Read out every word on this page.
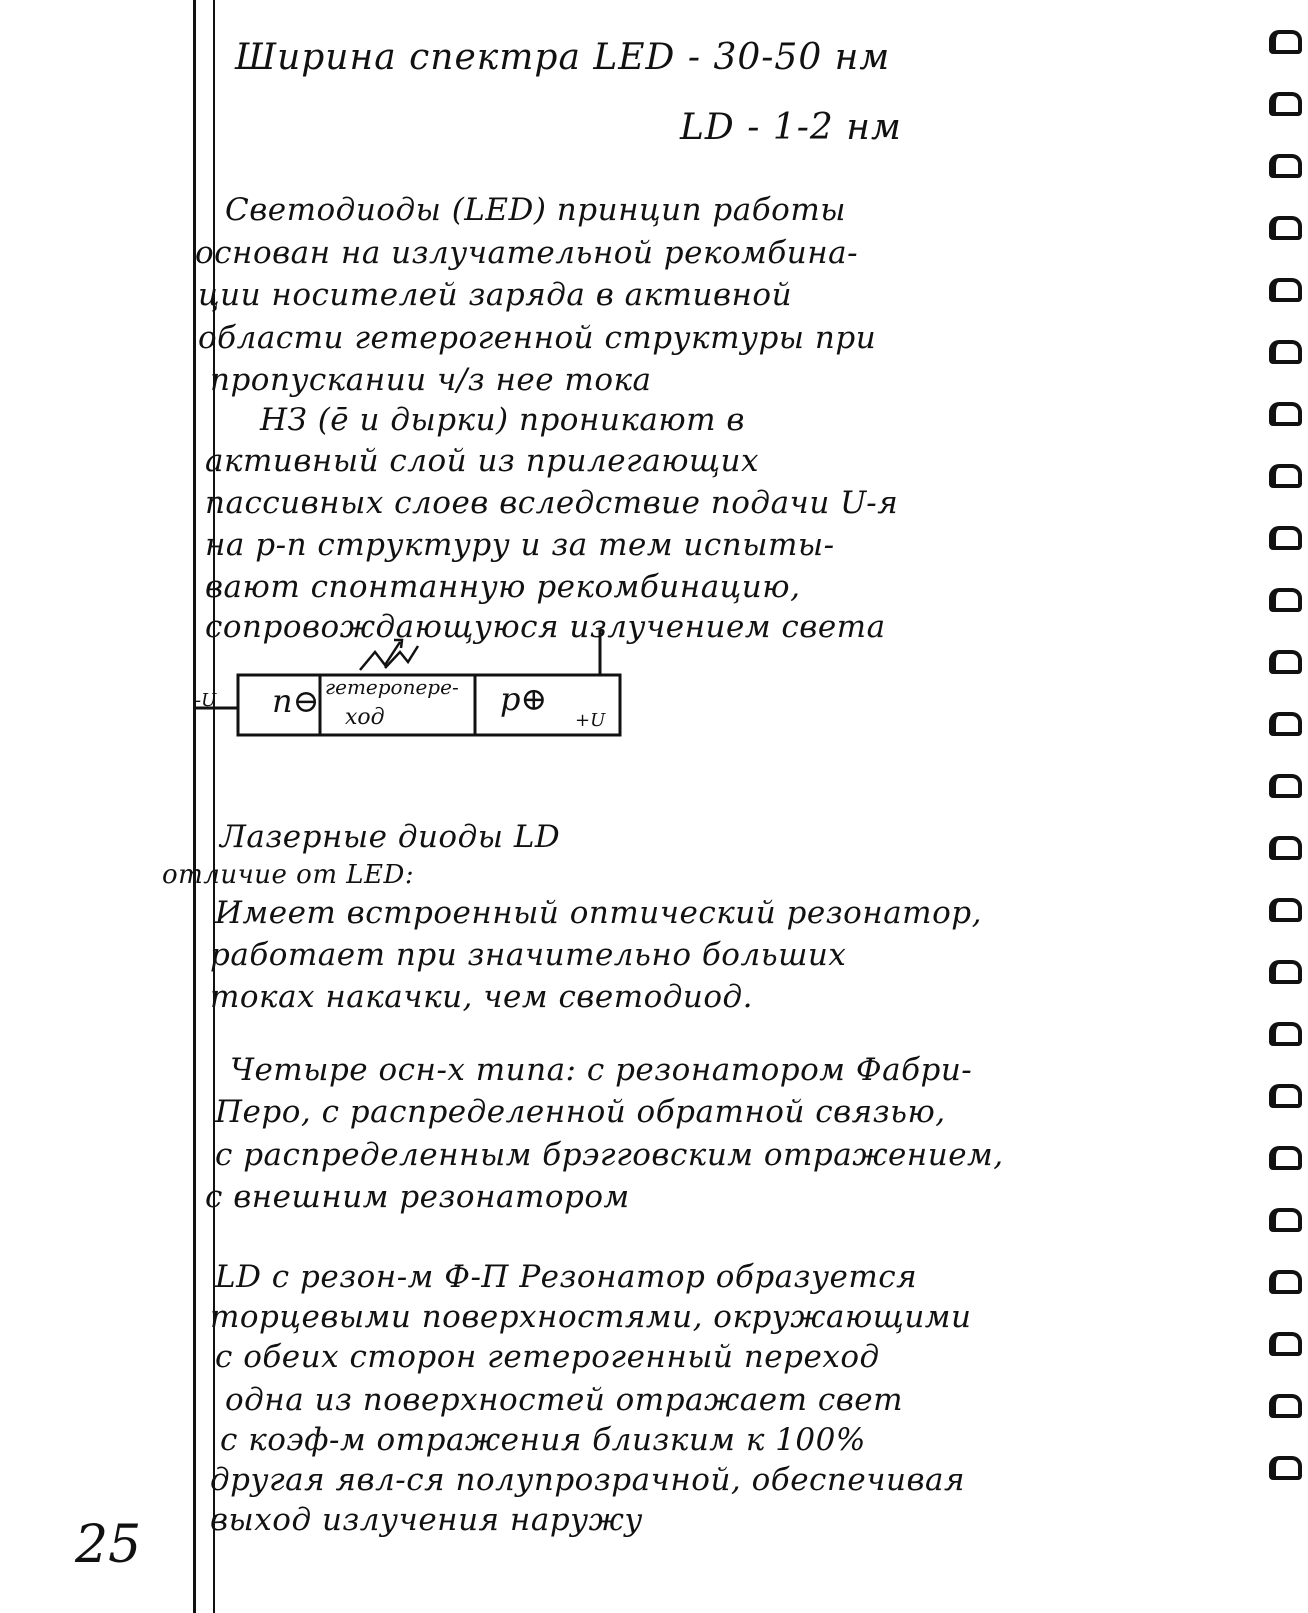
Ширина спектра LED - 30-50 нм
LD - 1-2 нм
Светодиоды (LED) принцип работы
основан на излучательной рекомбина-
ции носителей заряда в активной
области гетерогенной структуры при
пропускании ч/з нее тока
НЗ (ē и дырки) проникают в
активный слой из прилегающих
пассивных слоев вследствие подачи U-я
на p-n структуру и за тем испыты-
вают спонтанную рекомбинацию,
сопровождающуюся излучением света
n⊖ гетеропере-
ход	p⊕
-U
+U
Лазерные диоды LD
отличие от LED:
Имеет встроенный оптический резонатор,
работает при значительно больших
токах накачки, чем светодиод.
Четыре осн-х типа: с резонатором Фабри-
Перо, с распределенной обратной связью,
с распределенным брэгговским отражением,
с внешним резонатором
LD с резон-м Ф-П Резонатор образуется
торцевыми поверхностями, окружающими
с обеих сторон гетерогенный переход
одна из поверхностей отражает свет
с коэф-м отражения близким к 100%
другая явл-ся полупрозрачной, обеспечивая
выход излучения наружу
25
